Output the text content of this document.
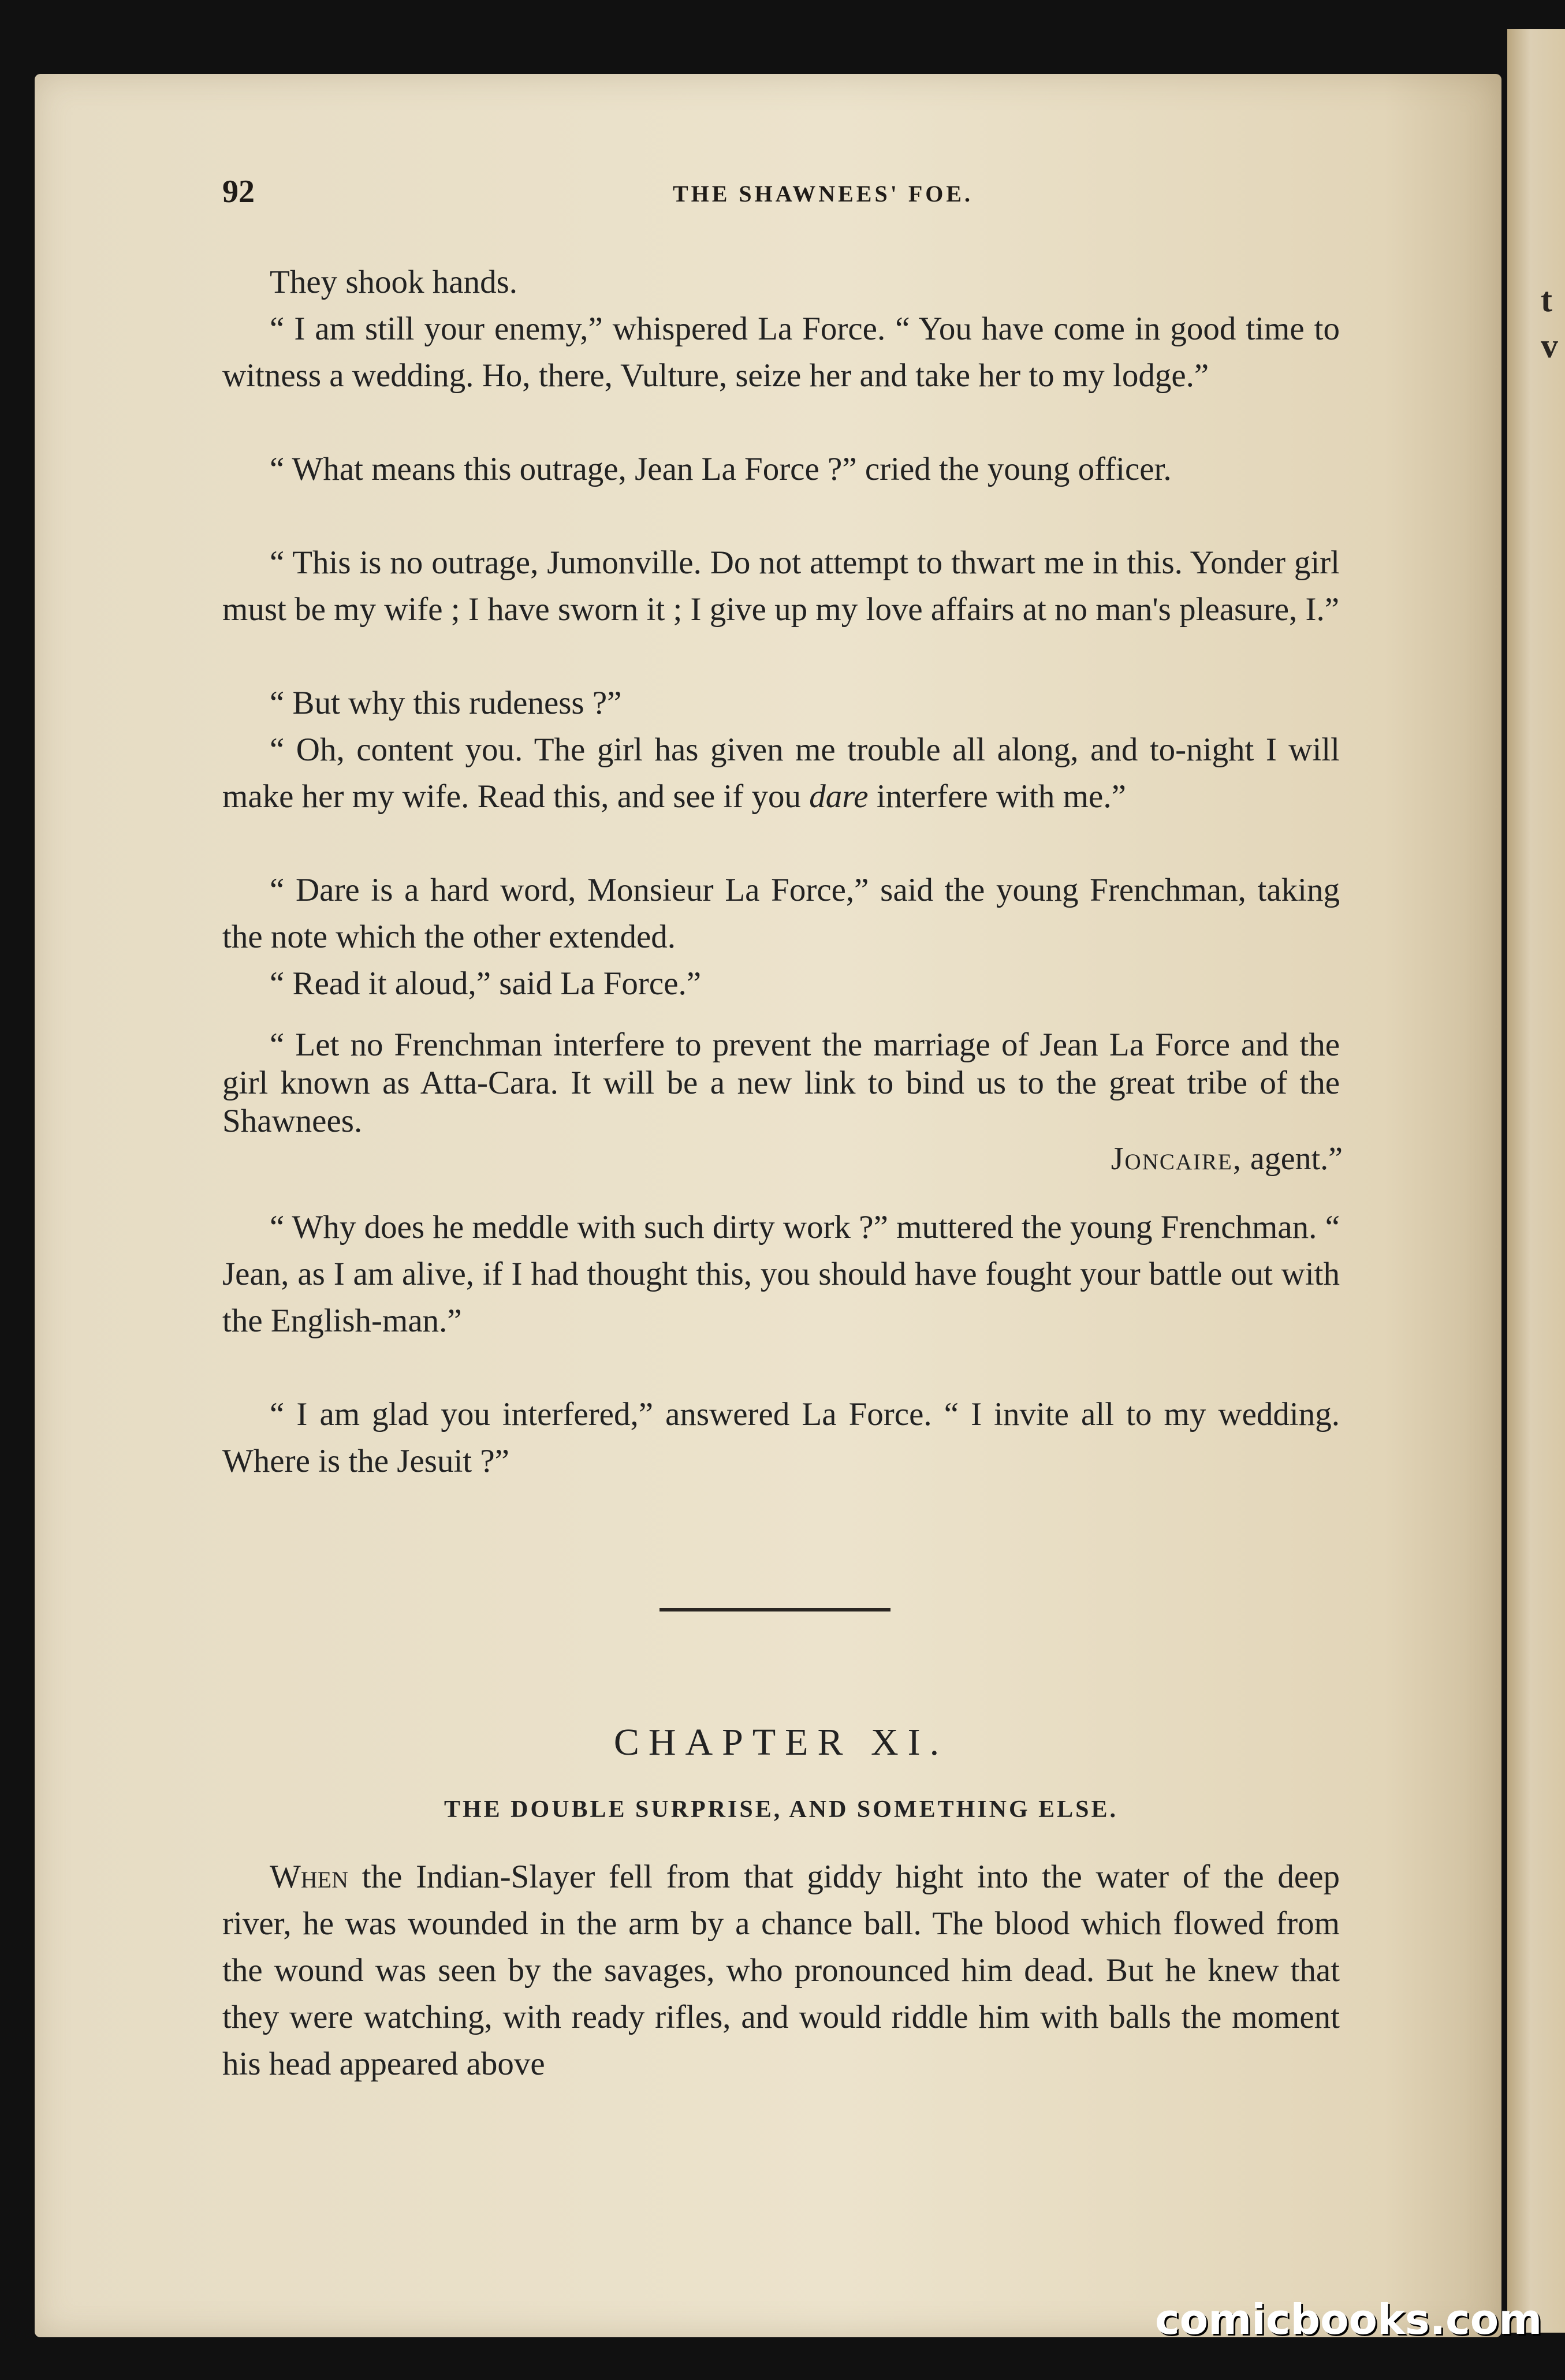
t
v
92	THE SHAWNEES' FOE.

They shook hands.

“ I am still your enemy,” whispered La Force. “ You have come in good time to witness a wedding. Ho, there, Vulture, seize her and take her to my lodge.”

“ What means this outrage, Jean La Force ?” cried the young officer.

“ This is no outrage, Jumonville. Do not attempt to thwart me in this. Yonder girl must be my wife ; I have sworn it ; I give up my love affairs at no man's pleasure, I.”

“ But why this rudeness ?”

“ Oh, content you. The girl has given me trouble all along, and to-night I will make her my wife. Read this, and see if you dare interfere with me.”

“ Dare is a hard word, Monsieur La Force,” said the young Frenchman, taking the note which the other extended.

“ Read it aloud,” said La Force.”

“ Let no Frenchman interfere to prevent the marriage of Jean La Force and the girl known as Atta-Cara. It will be a new link to bind us to the great tribe of the Shawnees.

Joncaire, agent.”

“ Why does he meddle with such dirty work ?” muttered the young Frenchman. “ Jean, as I am alive, if I had thought this, you should have fought your battle out with the English-man.”

“ I am glad you interfered,” answered La Force. “ I invite all to my wedding. Where is the Jesuit ?”

CHAPTER XI.
THE DOUBLE SURPRISE, AND SOMETHING ELSE.

When the Indian-Slayer fell from that giddy hight into the water of the deep river, he was wounded in the arm by a chance ball. The blood which flowed from the wound was seen by the savages, who pronounced him dead. But he knew that they were watching, with ready rifles, and would riddle him with balls the moment his head appeared above

comicbooks.com
